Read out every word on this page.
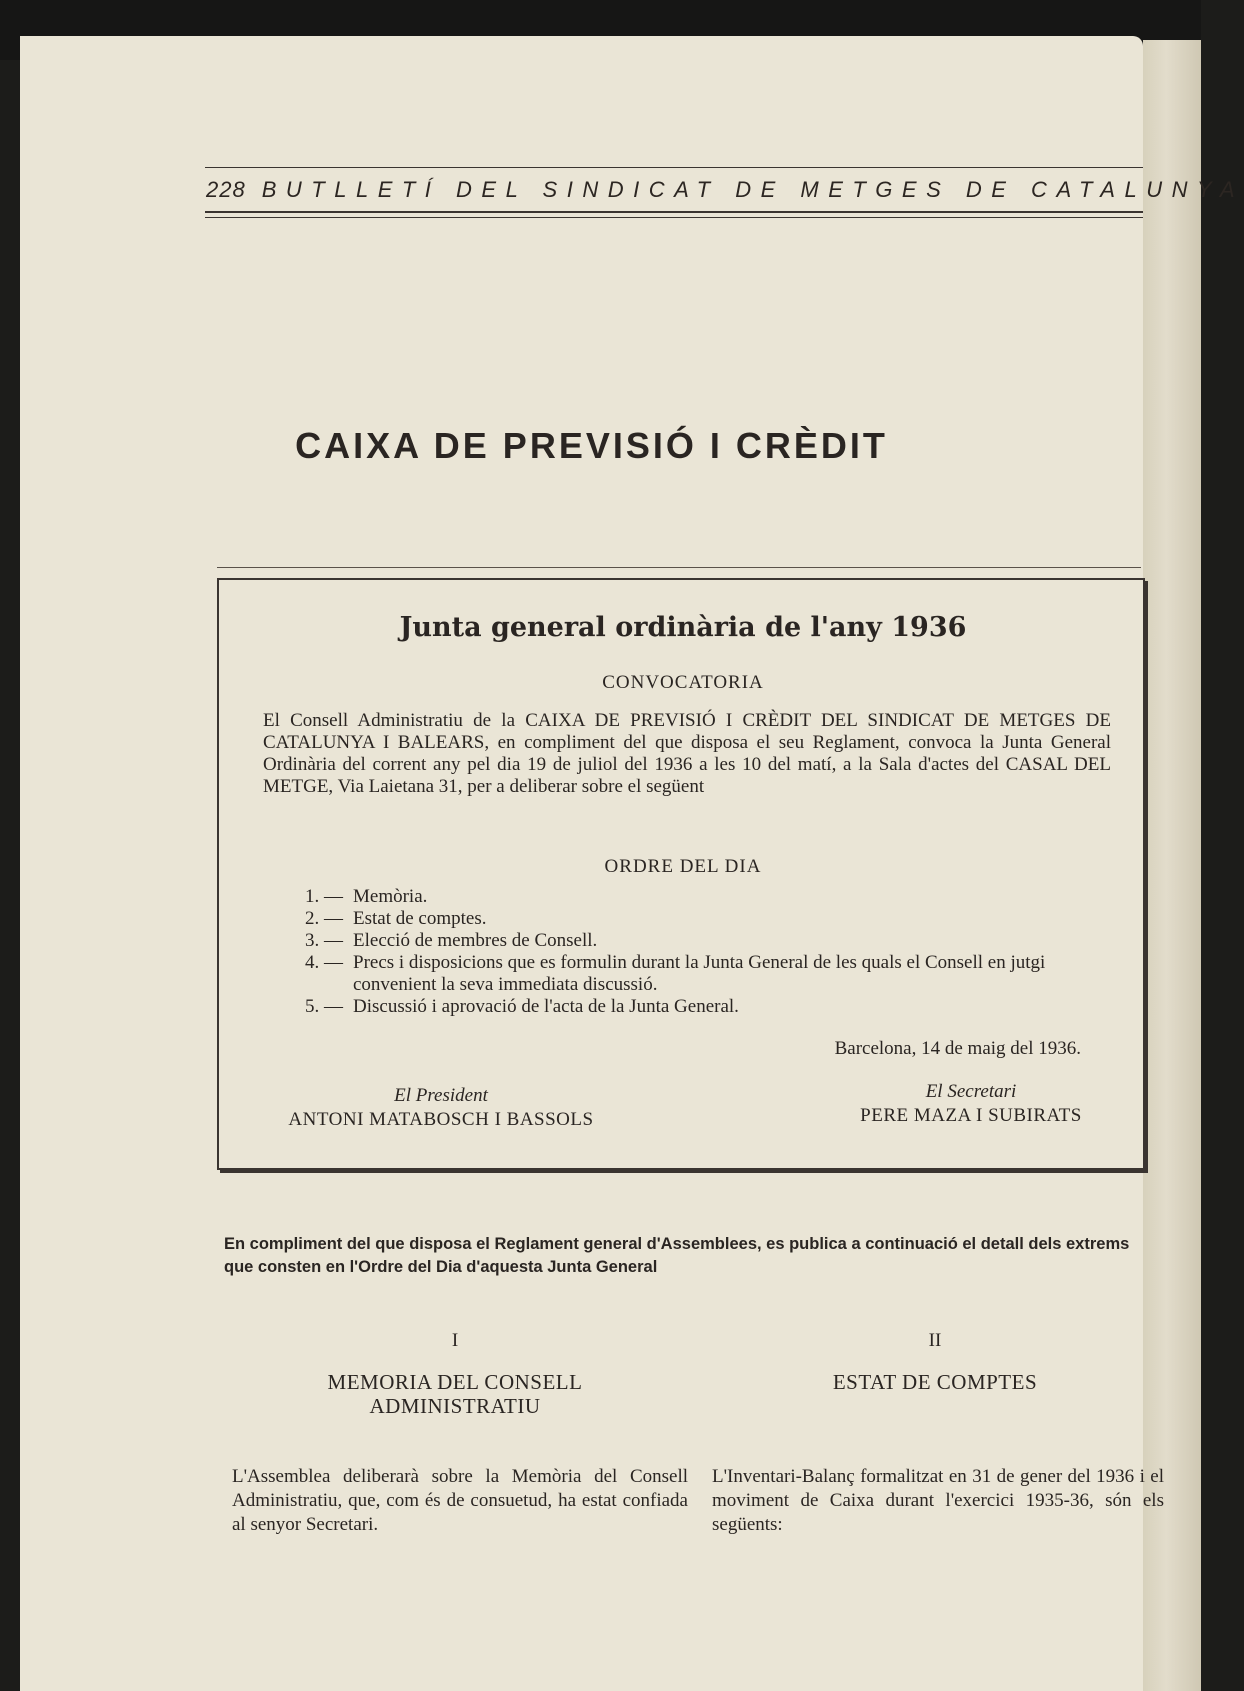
228 BUTLLETÍ DEL SINDICAT DE METGES DE CATALUNYA
CAIXA DE PREVISIÓ I CRÈDIT
Junta general ordinària de l'any 1936
CONVOCATORIA

El Consell Administratiu de la CAIXA DE PREVISIÓ I CRÈDIT DEL SINDICAT DE METGES DE CATALUNYA I BALEARS, en compliment del que disposa el seu Reglament, convoca la Junta General Ordinària del corrent any pel dia 19 de juliol del 1936 a les 10 del matí, a la Sala d'actes del CASAL DEL METGE, Via Laietana 31, per a deliberar sobre el següent

ORDRE DEL DIA
1. — Memòria.
2. — Estat de comptes.
3. — Elecció de membres de Consell.
4. — Precs i disposicions que es formulin durant la Junta General de les quals el Consell en jutgi convenient la seva immediata discussió.
5. — Discussió i aprovació de l'acta de la Junta General.
Barcelona, 14 de maig del 1936.
El President
ANTONI MATABOSCH I BASSOLS
El Secretari
PERE MAZA I SUBIRATS

En compliment del que disposa el Reglament general d'Assemblees, es publica a continuació el detall dels extrems que consten en l'Ordre del Dia d'aquesta Junta General

I
MEMORIA DEL CONSELL
ADMINISTRATIU
II
ESTAT DE COMPTES

L'Assemblea deliberarà sobre la Memòria del Consell Administratiu, que, com és de consuetud, ha estat confiada al senyor Secretari.

L'Inventari-Balanç formalitzat en 31 de gener del 1936 i el moviment de Caixa durant l'exercici 1935-36, són els següents:
